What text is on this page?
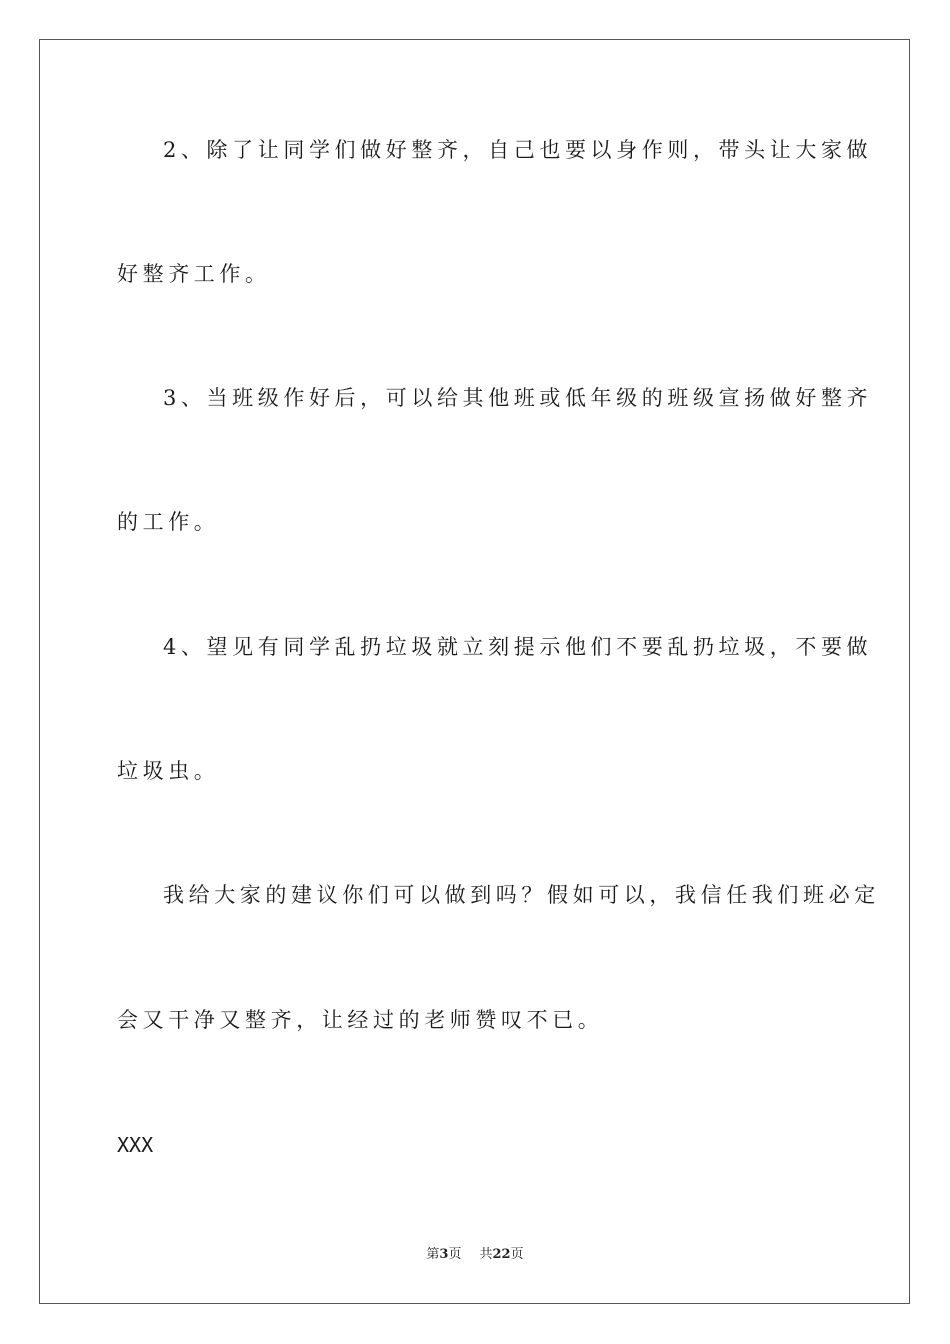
2、除了让同学们做好整齐，自己也要以身作则，带头让大家做
好整齐工作。
3、当班级作好后，可以给其他班或低年级的班级宣扬做好整齐
的工作。
4、望见有同学乱扔垃圾就立刻提示他们不要乱扔垃圾，不要做
垃圾虫。
我给大家的建议你们可以做到吗？假如可以，我信任我们班必定
会又干净又整齐，让经过的老师赞叹不已。
XXX
第3页 共22页
